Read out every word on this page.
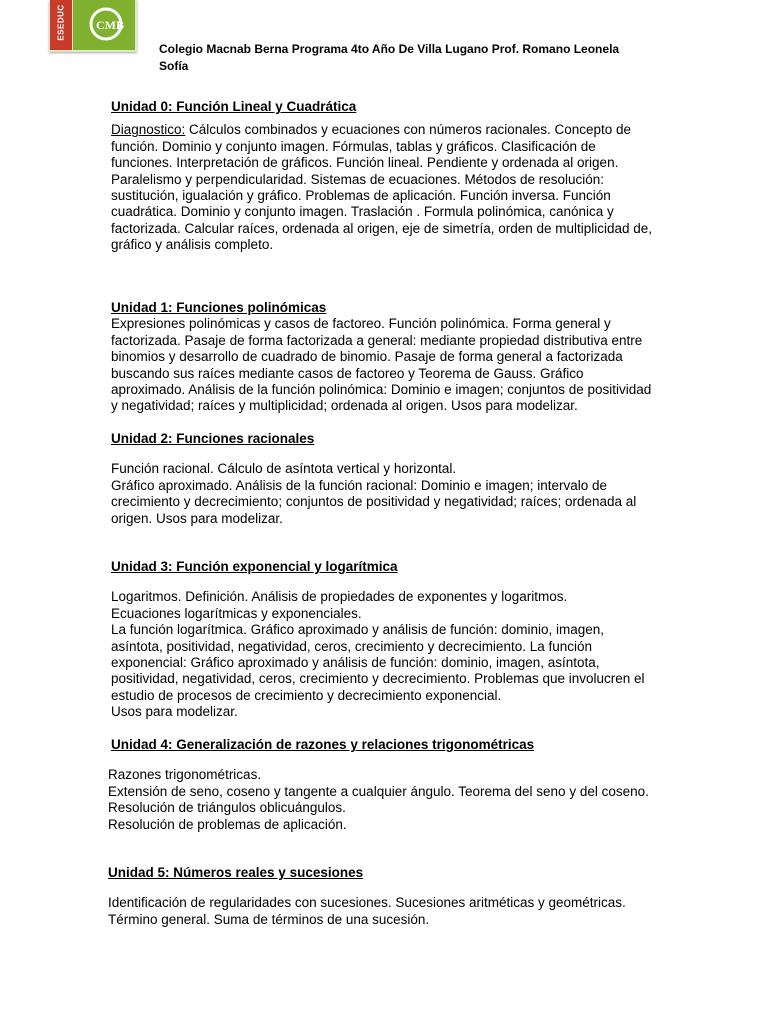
ESEDUC	CMB
Colegio Macnab Berna Programa 4to Año De Villa Lugano Prof. Romano Leonela Sofía
Unidad 0: Función Lineal y Cuadrática
Diagnostico: Cálculos combinados y ecuaciones con números racionales. Concepto de función. Dominio y conjunto imagen. Fórmulas, tablas y gráficos. Clasificación de funciones. Interpretación de gráficos. Función lineal. Pendiente y ordenada al origen. Paralelismo y perpendicularidad. Sistemas de ecuaciones. Métodos de resolución: sustitución, igualación y gráfico. Problemas de aplicación. Función inversa. Función cuadrática. Dominio y conjunto imagen. Traslación . Formula polinómica, canónica y factorizada. Calcular raíces, ordenada al origen, eje de simetría, orden de multiplicidad de, gráfico y análisis completo.
Unidad 1: Funciones polinómicas
Expresiones polinómicas y casos de factoreo. Función polinómica. Forma general y factorizada. Pasaje de forma factorizada a general: mediante propiedad distributiva entre binomios y desarrollo de cuadrado de binomio. Pasaje de forma general a factorizada buscando sus raíces mediante casos de factoreo y Teorema de Gauss. Gráfico aproximado. Análisis de la función polinómica: Dominio e imagen; conjuntos de positividad y negatividad; raíces y multiplicidad; ordenada al origen. Usos para modelizar.
Unidad 2: Funciones racionales
Función racional. Cálculo de asíntota vertical y horizontal.
Gráfico aproximado. Análisis de la función racional: Dominio e imagen; intervalo de crecimiento y decrecimiento; conjuntos de positividad y negatividad; raíces; ordenada al origen. Usos para modelizar.
Unidad 3: Función exponencial y logarítmica
Logaritmos. Definición. Análisis de propiedades de exponentes y logaritmos.
Ecuaciones logarítmicas y exponenciales.
La función logarítmica. Gráfico aproximado y análisis de función: dominio, imagen, asíntota, positividad, negatividad, ceros, crecimiento y decrecimiento. La función exponencial: Gráfico aproximado y análisis de función: dominio, imagen, asíntota, positividad, negatividad, ceros, crecimiento y decrecimiento. Problemas que involucren el estudio de procesos de crecimiento y decrecimiento exponencial.
Usos para modelizar.
Unidad 4: Generalización de razones y relaciones trigonométricas
Razones trigonométricas.
Extensión de seno, coseno y tangente a cualquier ángulo. Teorema del seno y del coseno.
Resolución de triángulos oblicuángulos.
Resolución de problemas de aplicación.
Unidad 5: Números reales y sucesiones
Identificación de regularidades con sucesiones. Sucesiones aritméticas y geométricas.
Término general. Suma de términos de una sucesión.
